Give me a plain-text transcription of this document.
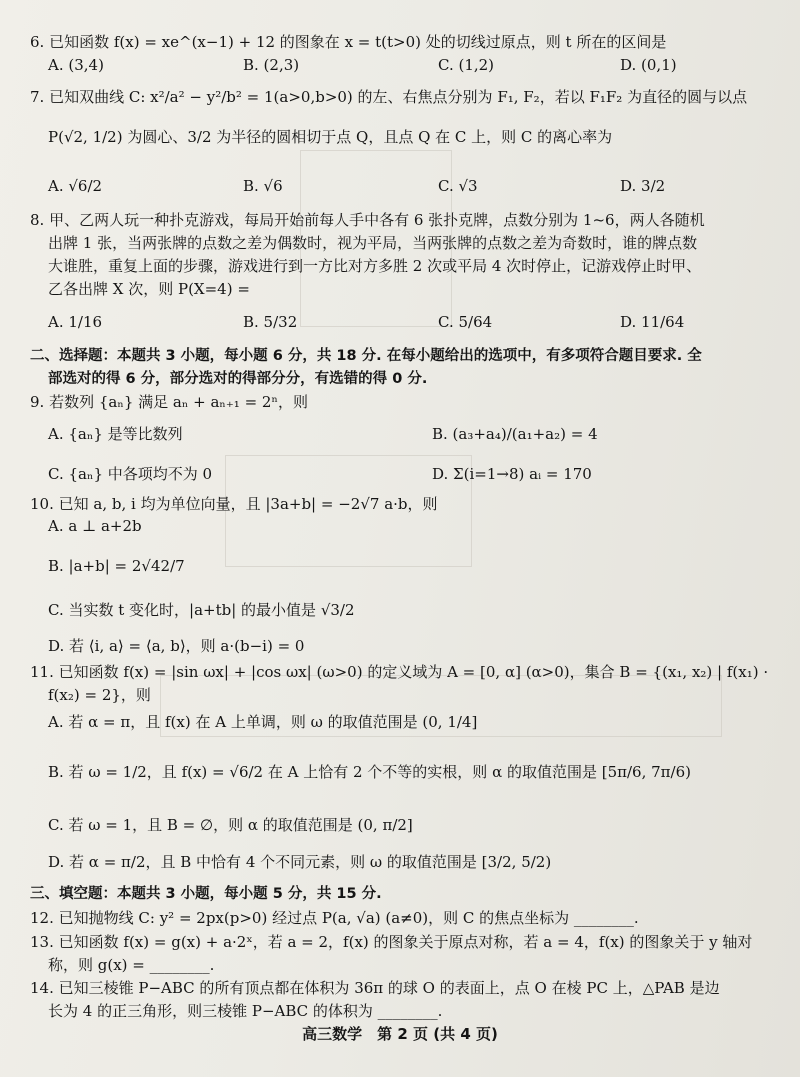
6. 已知函数 f(x) = xe^(x−1) + 12 的图象在 x = t(t>0) 处的切线过原点，则 t 所在的区间是
A. (3,4)	B. (2,3)	C. (1,2)	D. (0,1)
7. 已知双曲线 C: x²/a² − y²/b² = 1(a>0,b>0) 的左、右焦点分别为 F₁, F₂，若以 F₁F₂ 为直径的圆与以点
P(√2, 1/2) 为圆心、3/2 为半径的圆相切于点 Q，且点 Q 在 C 上，则 C 的离心率为
A. √6/2	B. √6	C. √3	D. 3/2
8. 甲、乙两人玩一种扑克游戏，每局开始前每人手中各有 6 张扑克牌，点数分别为 1~6，两人各随机
出牌 1 张，当两张牌的点数之差为偶数时，视为平局，当两张牌的点数之差为奇数时，谁的牌点数
大谁胜，重复上面的步骤，游戏进行到一方比对方多胜 2 次或平局 4 次时停止，记游戏停止时甲、
乙各出牌 X 次，则 P(X=4) =
A. 1/16	B. 5/32	C. 5/64	D. 11/64
二、选择题：本题共 3 小题，每小题 6 分，共 18 分. 在每小题给出的选项中，有多项符合题目要求. 全
部选对的得 6 分，部分选对的得部分分，有选错的得 0 分.
9. 若数列 {aₙ} 满足 aₙ + aₙ₊₁ = 2ⁿ，则
A. {aₙ} 是等比数列	B. (a₃+a₄)/(a₁+a₂) = 4
C. {aₙ} 中各项均不为 0	D. Σ(i=1→8) aᵢ = 170
10. 已知 a, b, i 均为单位向量，且 |3a+b| = −2√7 a·b，则
A. a ⊥ a+2b
B. |a+b| = 2√42/7
C. 当实数 t 变化时，|a+tb| 的最小值是 √3/2
D. 若 ⟨i, a⟩ = ⟨a, b⟩，则 a·(b−i) = 0
11. 已知函数 f(x) = |sin ωx| + |cos ωx| (ω>0) 的定义域为 A = [0, α] (α>0)，集合 B = {(x₁, x₂) | f(x₁) ·
f(x₂) = 2}，则
A. 若 α = π，且 f(x) 在 A 上单调，则 ω 的取值范围是 (0, 1/4]
B. 若 ω = 1/2，且 f(x) = √6/2 在 A 上恰有 2 个不等的实根，则 α 的取值范围是 [5π/6, 7π/6)
C. 若 ω = 1，且 B = ∅，则 α 的取值范围是 (0, π/2]
D. 若 α = π/2，且 B 中恰有 4 个不同元素，则 ω 的取值范围是 [3/2, 5/2)
三、填空题：本题共 3 小题，每小题 5 分，共 15 分.
12. 已知抛物线 C: y² = 2px(p>0) 经过点 P(a, √a) (a≠0)，则 C 的焦点坐标为 ________.
13. 已知函数 f(x) = g(x) + a·2ˣ，若 a = 2，f(x) 的图象关于原点对称，若 a = 4，f(x) 的图象关于 y 轴对
称，则 g(x) = ________.
14. 已知三棱锥 P−ABC 的所有顶点都在体积为 36π 的球 O 的表面上，点 O 在棱 PC 上，△PAB 是边
长为 4 的正三角形，则三棱锥 P−ABC 的体积为 ________.
高三数学　第 2 页 (共 4 页)
